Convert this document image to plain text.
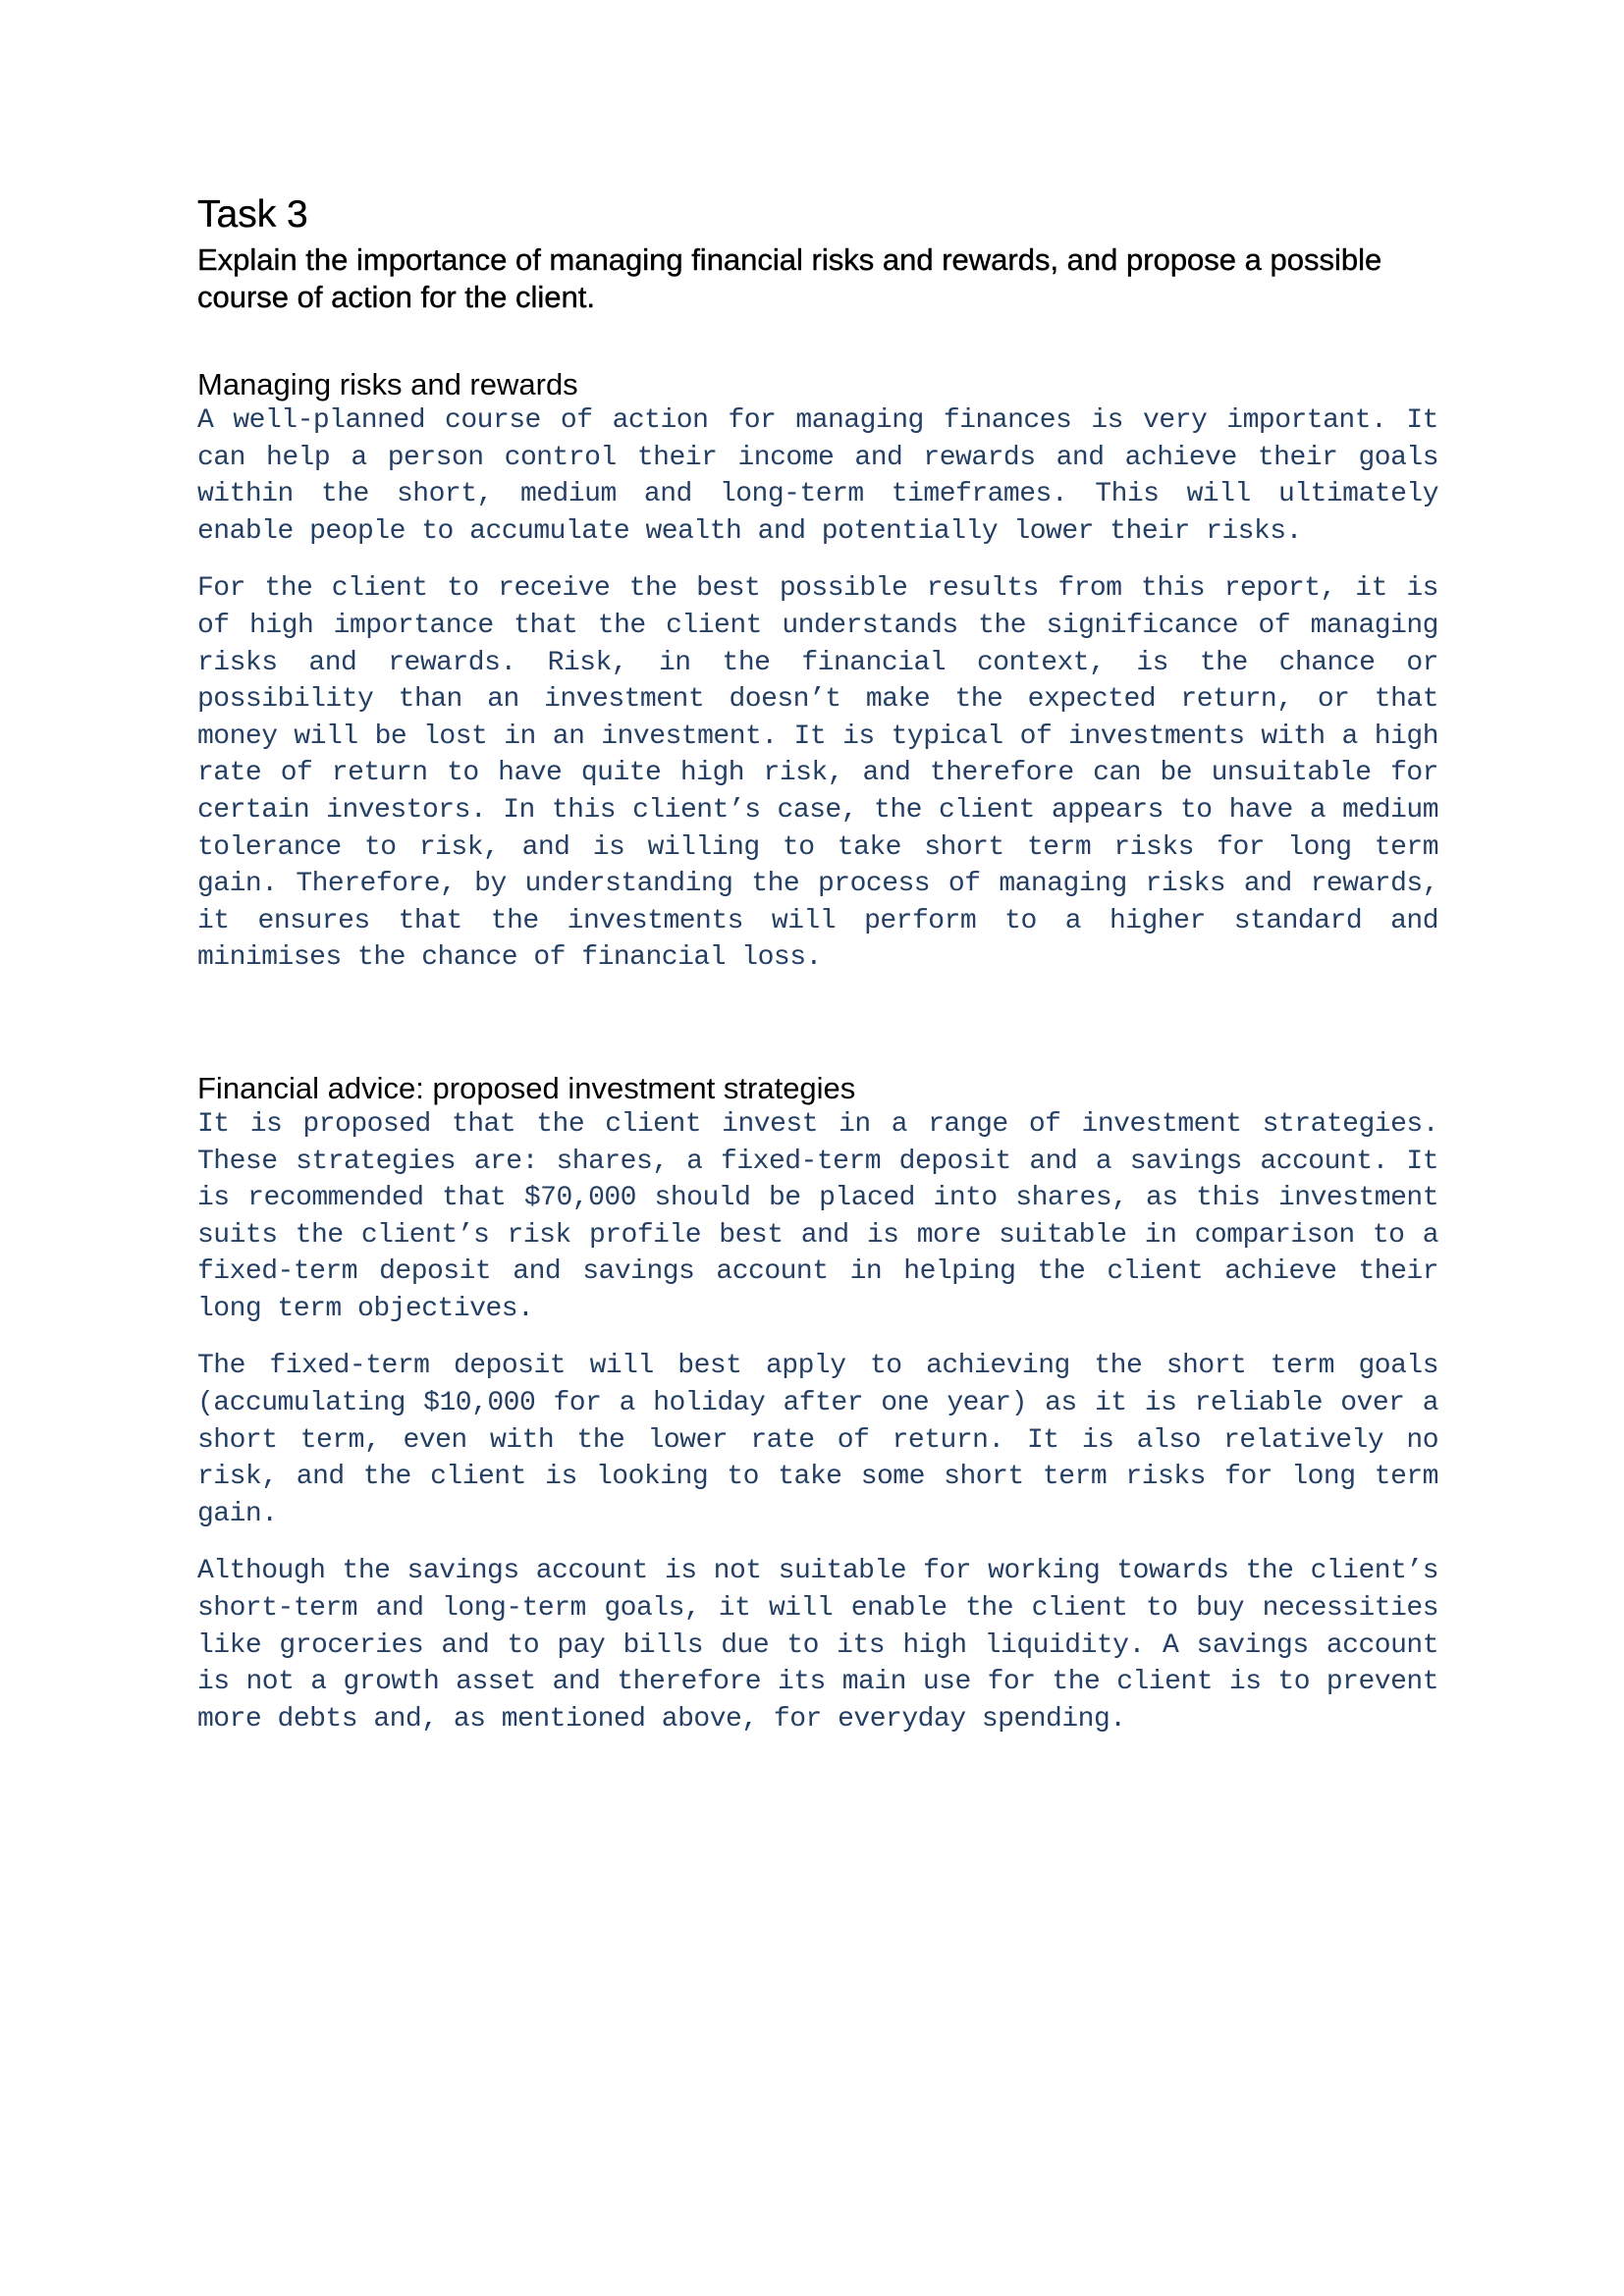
Task 3

Explain the importance of managing financial risks and rewards, and propose a possible course of action for the client.

Managing risks and rewards

A well-planned course of action for managing finances is very important. It can help a person control their income and rewards and achieve their goals within the short, medium and long-term timeframes. This will ultimately enable people to accumulate wealth and potentially lower their risks.

For the client to receive the best possible results from this report, it is of high importance that the client understands the significance of managing risks and rewards. Risk, in the financial context, is the chance or possibility than an investment doesn’t make the expected return, or that money will be lost in an investment. It is typical of investments with a high rate of return to have quite high risk, and therefore can be unsuitable for certain investors. In this client’s case, the client appears to have a medium tolerance to risk, and is willing to take short term risks for long term gain. Therefore, by understanding the process of managing risks and rewards, it ensures that the investments will perform to a higher standard and minimises the chance of financial loss.

Financial advice: proposed investment strategies

It is proposed that the client invest in a range of investment strategies. These strategies are: shares, a fixed-term deposit and a savings account. It is recommended that $70,000 should be placed into shares, as this investment suits the client’s risk profile best and is more suitable in comparison to a fixed-term deposit and savings account in helping the client achieve their long term objectives.

The fixed-term deposit will best apply to achieving the short term goals (accumulating $10,000 for a holiday after one year) as it is reliable over a short term, even with the lower rate of return. It is also relatively no risk, and the client is looking to take some short term risks for long term gain.

Although the savings account is not suitable for working towards the client’s short-term and long-term goals, it will enable the client to buy necessities like groceries and to pay bills due to its high liquidity. A savings account is not a growth asset and therefore its main use for the client is to prevent more debts and, as mentioned above, for everyday spending.
